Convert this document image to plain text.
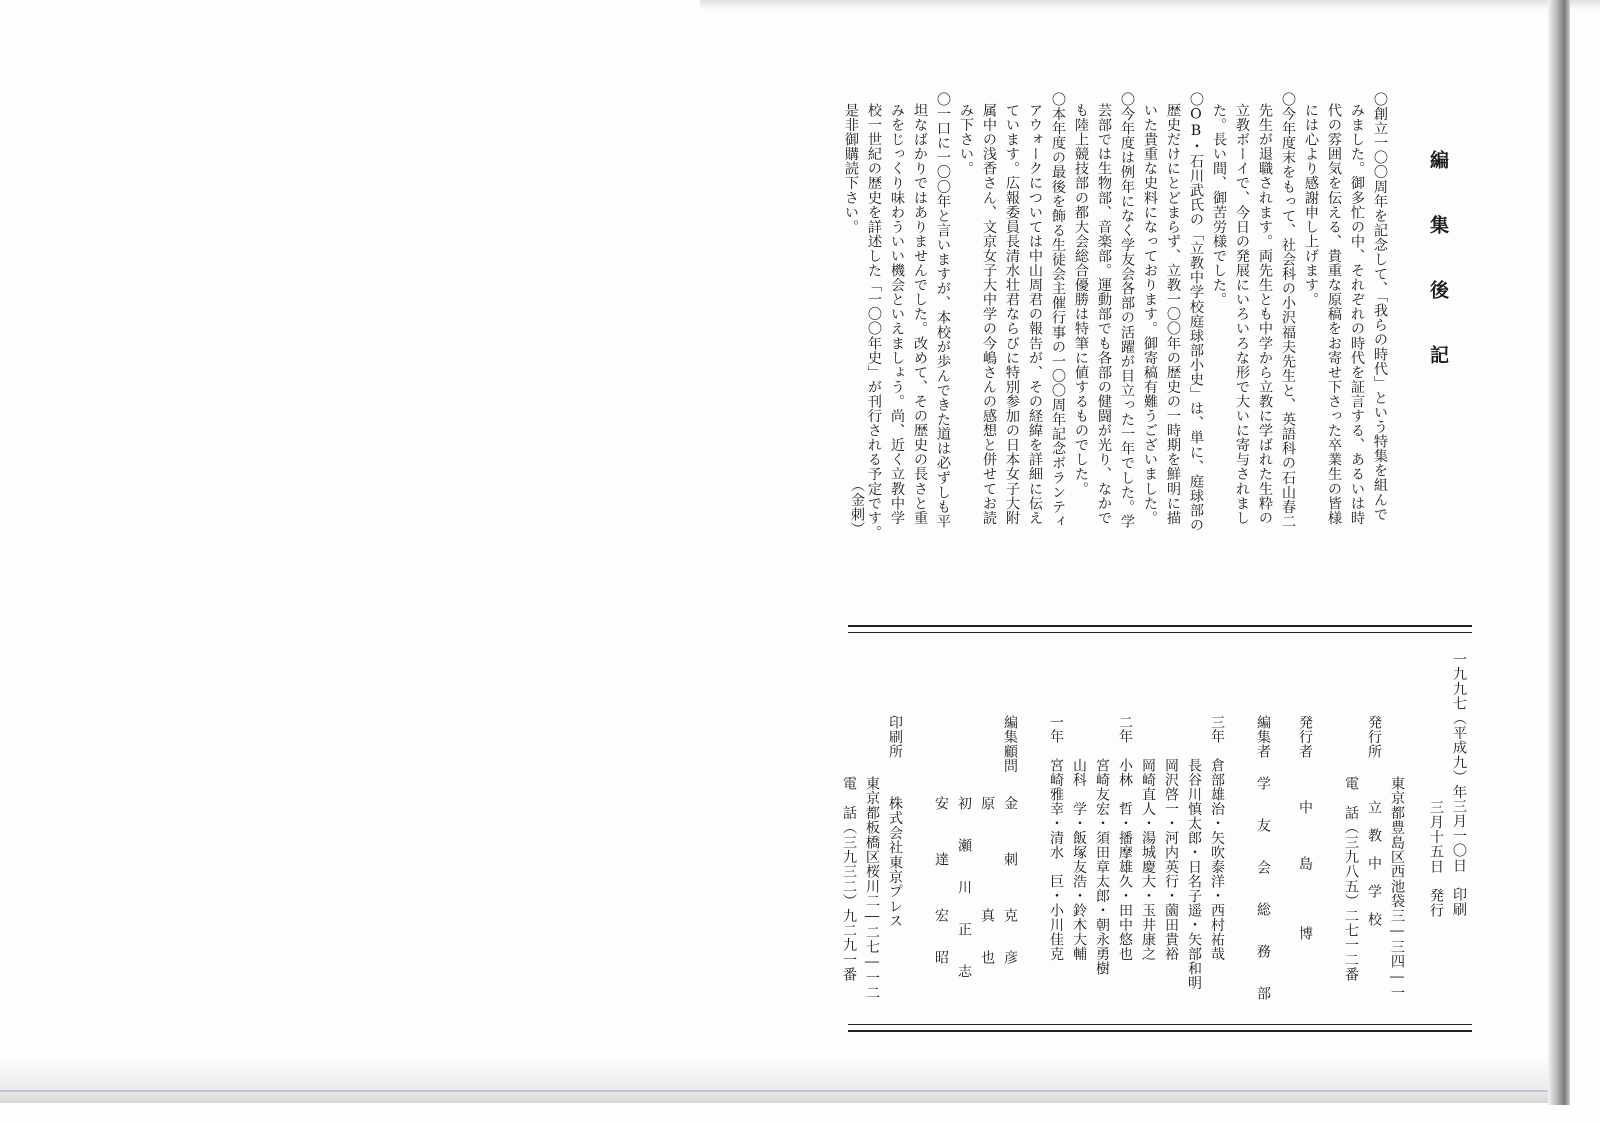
編 集 後 記
〇創立一〇〇周年を記念して、「我らの時代」という特集を組んで
みました。御多忙の中、それぞれの時代を証言する、あるいは時
代の雰囲気を伝える、貴重な原稿をお寄せ下さった卒業生の皆様
には心より感謝申し上げます。
〇今年度末をもって、社会科の小沢福夫先生と、英語科の石山春二
先生が退職されます。両先生とも中学から立教に学ばれた生粋の
立教ボーイで、今日の発展にいろいろな形で大いに寄与されまし
た。長い間、御苦労様でした。
〇OB・石川武氏の「立教中学校庭球部小史」は、単に、庭球部の
歴史だけにとどまらず、立教一〇〇年の歴史の一時期を鮮明に描
いた貴重な史料になっております。御寄稿有難うございました。
〇今年度は例年になく学友会各部の活躍が目立った一年でした。学
芸部では生物部、音楽部。運動部でも各部の健闘が光り、なかで
も陸上競技部の都大会総合優勝は特筆に値するものでした。
〇本年度の最後を飾る生徒会主催行事の一〇〇周年記念ボランティ
アウォークについては中山周君の報告が、その経緯を詳細に伝え
ています。広報委員長清水壮君ならびに特別参加の日本女子大附
属中の浅香さん、文京女子大中学の今嶋さんの感想と併せてお読
み下さい。
〇一口に一〇〇年と言いますが、本校が歩んできた道は必ずしも平
坦なばかりではありませんでした。改めて、その歴史の長さと重
みをじっくり味わういい機会といえましょう。尚、近く立教中学
校一世紀の歴史を詳述した「一〇〇年史」が刊行される予定です。
是非御購読下さい。
（金刺）
一九九七（平成九）年三月一〇日　印刷
三月十五日　発行
発行所
東京都豊島区西池袋三―三四―一
立　教　中　学　校
電　話（三九八五）二七一二番
発行者
中　　　島　　　　博
編集者
学　　友　　会　　総　　務　　部
三年
倉部雄治・矢吹泰洋・西村祐哉
長谷川慎太郎・日名子遥・矢部和明
岡沢啓一・河内英行・薗田貴裕
二年
岡崎直人・湯城慶大・玉井康之
小林　哲・播摩雄久・田中悠也
宮崎友宏・須田章太郎・朝永勇樹
一年
山科　学・飯塚友浩・鈴木大輔
宮崎雅幸・清水　巨・小川佳克
編集顧問
金　　　刺　　　克　　彦
原　　　　　　　真　　也
初　　瀬　　川　　正　　志
安　　　達　　　宏　　昭
印刷所
株式会社東京プレス
東京都板橋区桜川二―二七―一二
電　話（三九三二）九二九一番
